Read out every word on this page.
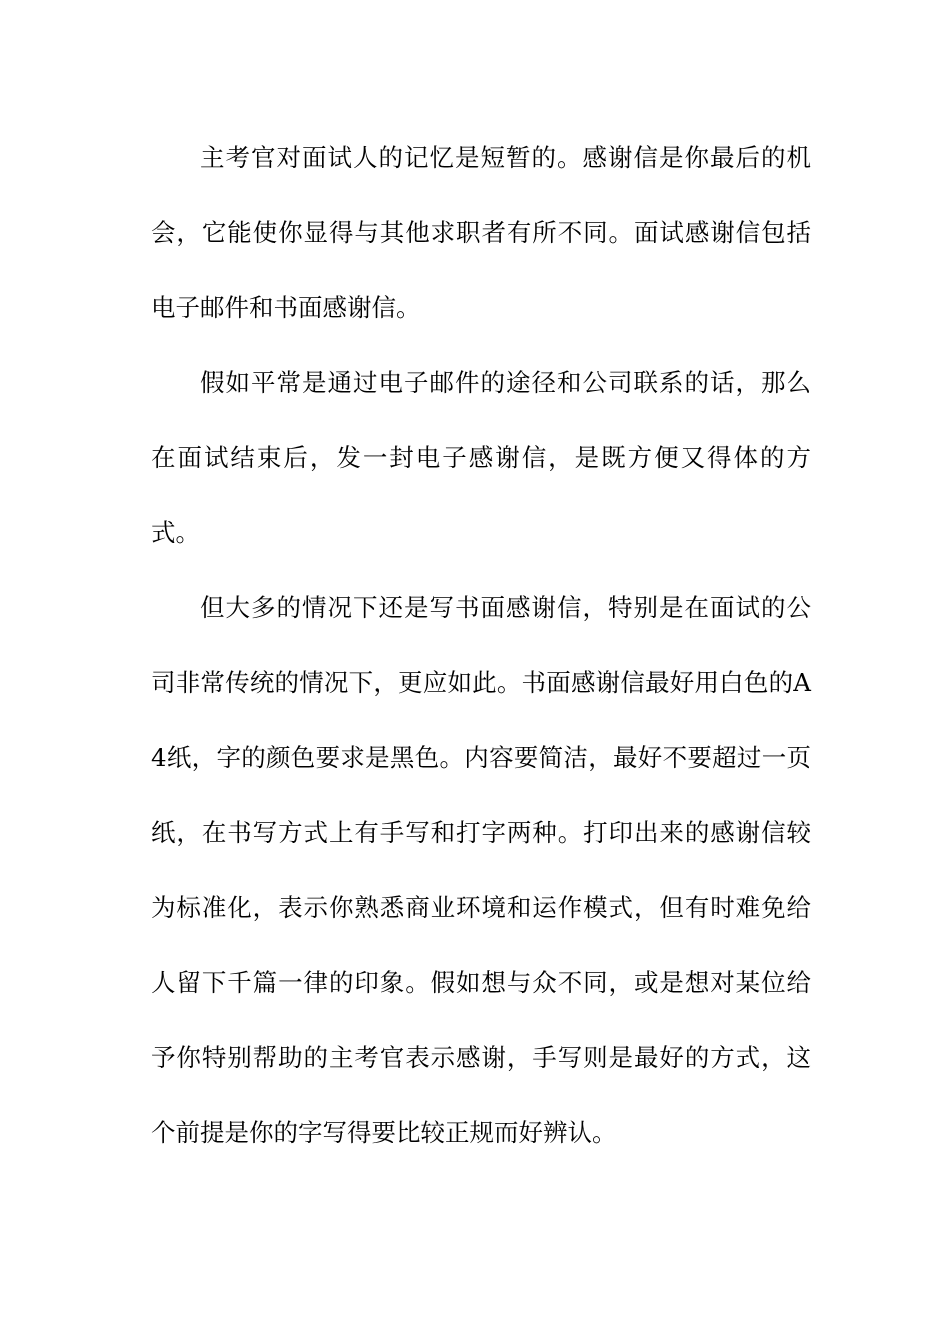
主考官对面试人的记忆是短暂的。感谢信是你最后的机会，它能使你显得与其他求职者有所不同。面试感谢信包括电子邮件和书面感谢信。

假如平常是通过电子邮件的途径和公司联系的话，那么在面试结束后，发一封电子感谢信，是既方便又得体的方式。

但大多的情况下还是写书面感谢信，特别是在面试的公司非常传统的情况下，更应如此。书面感谢信最好用白色的A4纸，字的颜色要求是黑色。内容要简洁，最好不要超过一页纸，在书写方式上有手写和打字两种。打印出来的感谢信较为标准化，表示你熟悉商业环境和运作模式，但有时难免给人留下千篇一律的印象。假如想与众不同，或是想对某位给予你特别帮助的主考官表示感谢，手写则是最好的方式，这个前提是你的字写得要比较正规而好辨认。
